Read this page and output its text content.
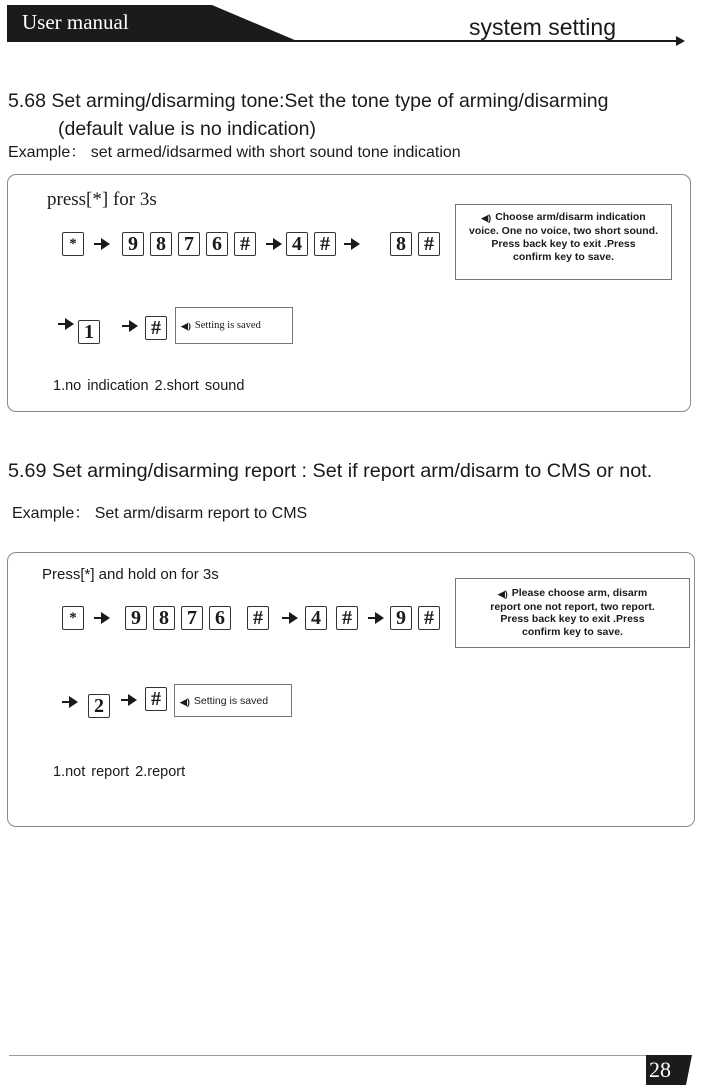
User manual	system setting
5.68 Set arming/disarming tone:Set the tone type of arming/disarming
(default value is no indication)
Example： set armed/idsarmed with short sound tone indication
press[*] for 3s
*	9 8 7 6 #	4 #	8 #
◀) Choose arm/disarm indication
voice. One no voice, two short sound.
Press back key to exit .Press
confirm key to save.
1	#	◀) Setting is saved
1.no indication 2.short sound
5.69 Set arming/disarming report : Set if report arm/disarm to CMS or not.
Example： Set arm/disarm report to CMS
Press[*] and hold on for 3s
*	9 8 7 6	#	4	#	9 #
◀) Please choose arm, disarm
report one not report, two report.
Press back key to exit .Press
confirm key to save.
2	#	◀) Setting is saved
1.not report 2.report
28
